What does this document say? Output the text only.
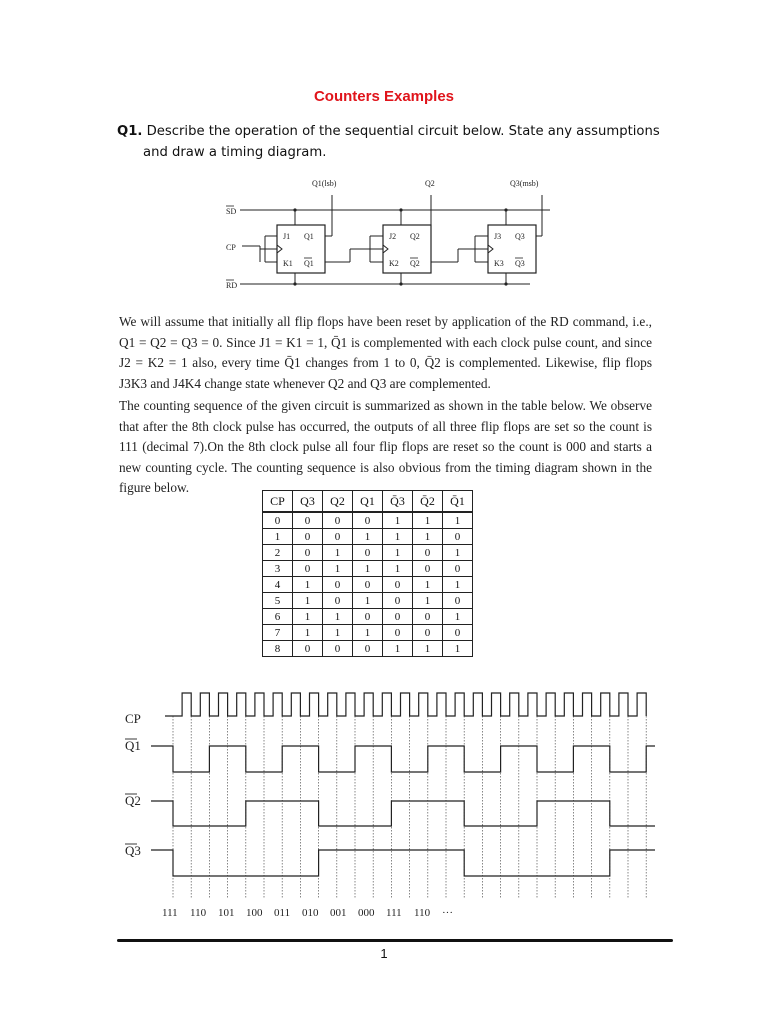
Counters Examples
Q1. Describe the operation of the sequential circuit below. State any assumptions
and draw a timing diagram.
Q1(lsb)	Q2	Q3(msb)
SD
CP
RD
J1 Q1
K1 Q1
J2 Q2
K2 Q2
J3 Q3
K3 Q3
We will assume that initially all flip flops have been reset by application of the RD command, i.e., Q1 = Q2 = Q3 = 0. Since J1 = K1 = 1, Q̄1 is complemented with each clock pulse count, and since J2 = K2 = 1 also, every time Q̄1 changes from 1 to 0, Q̄2 is complemented. Likewise, flip flops J3K3 and J4K4 change state whenever Q2 and Q3 are complemented.
The counting sequence of the given circuit is summarized as shown in the table below. We observe that after the 8th clock pulse has occurred, the outputs of all three flip flops are set so the count is 111 (decimal 7).On the 8th clock pulse all four flip flops are reset so the count is 000 and starts a new counting cycle. The counting sequence is also obvious from the timing diagram shown in the figure below.
CP	Q3	Q2	Q1	Q̄3	Q̄2	Q̄1
0	0	0	0	1	1	1
1	0	0	1	1	1	0
2	0	1	0	1	0	1
3	0	1	1	1	0	0
4	1	0	0	0	1	1
5	1	0	1	0	1	0
6	1	1	0	0	0	1
7	1	1	1	0	0	0
8	0	0	0	1	1	1
CP
Q1
Q2
Q3
111 110 101 100 011 010 001 000 111 110 ···
1
